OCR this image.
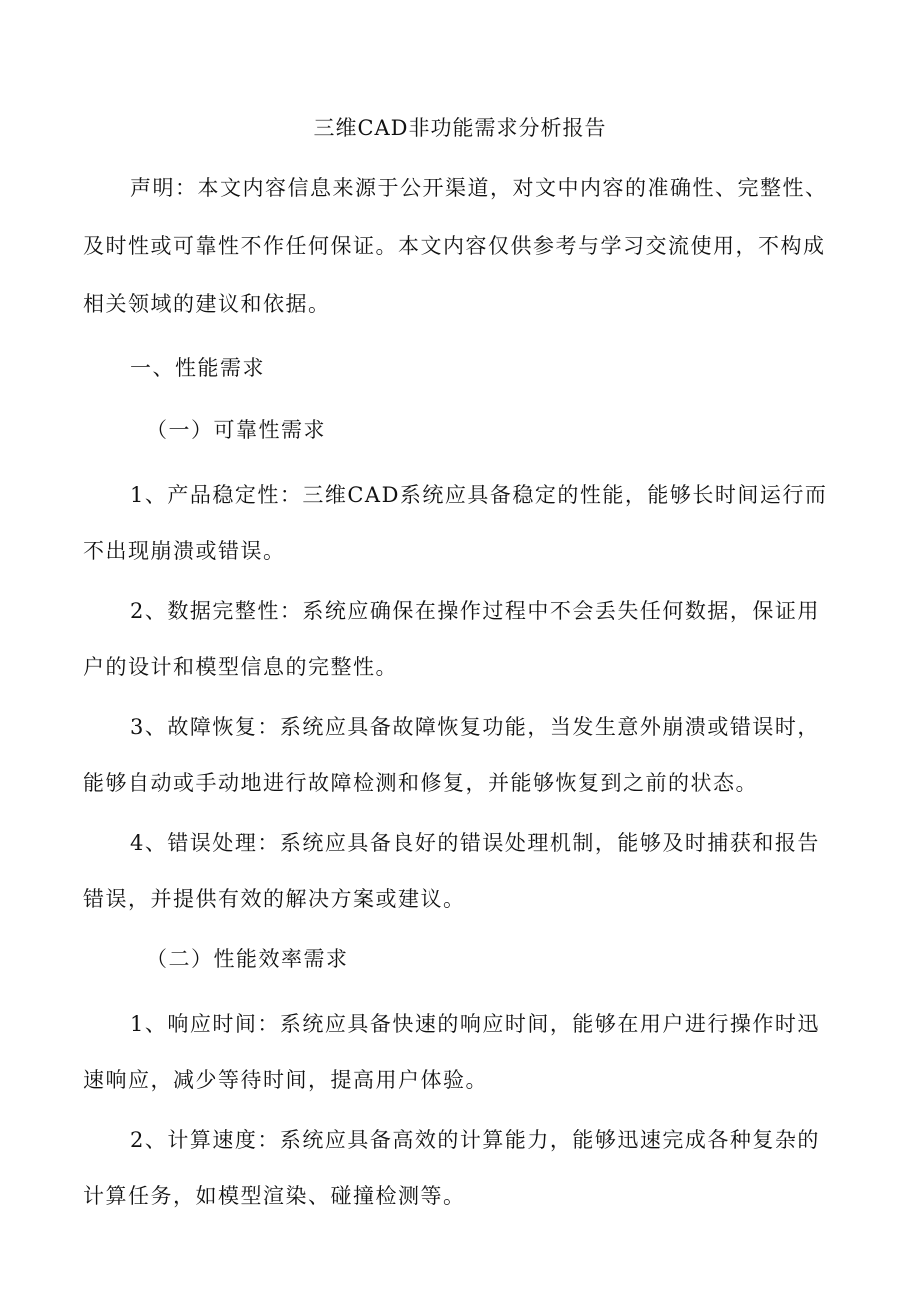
三维CAD非功能需求分析报告
声明：本文内容信息来源于公开渠道，对文中内容的准确性、完整性、
及时性或可靠性不作任何保证。本文内容仅供参考与学习交流使用，不构成
相关领域的建议和依据。
一、性能需求
（一）可靠性需求
1、产品稳定性：三维CAD系统应具备稳定的性能，能够长时间运行而
不出现崩溃或错误。
2、数据完整性：系统应确保在操作过程中不会丢失任何数据，保证用
户的设计和模型信息的完整性。
3、故障恢复：系统应具备故障恢复功能，当发生意外崩溃或错误时，
能够自动或手动地进行故障检测和修复，并能够恢复到之前的状态。
4、错误处理：系统应具备良好的错误处理机制，能够及时捕获和报告
错误，并提供有效的解决方案或建议。
（二）性能效率需求
1、响应时间：系统应具备快速的响应时间，能够在用户进行操作时迅
速响应，减少等待时间，提高用户体验。
2、计算速度：系统应具备高效的计算能力，能够迅速完成各种复杂的
计算任务，如模型渲染、碰撞检测等。
